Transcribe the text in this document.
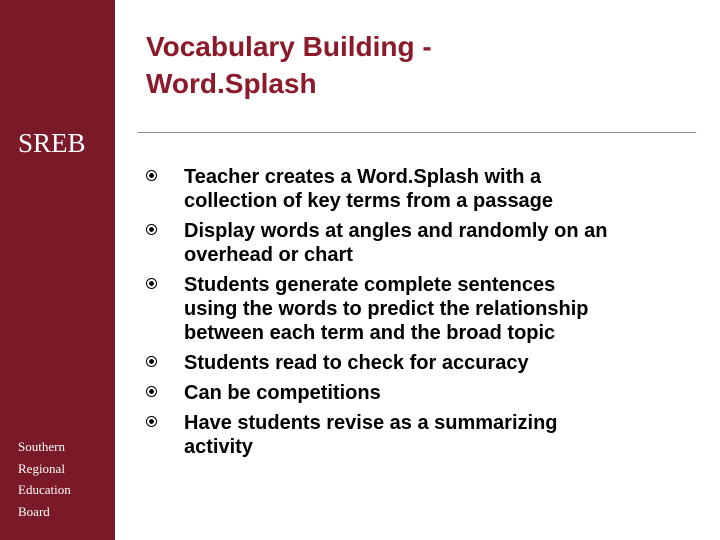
SREB
Southern
Regional
Education
Board
Vocabulary Building -
Word.Splash
Teacher creates a Word.Splash with a
collection of key terms from a passage
Display words at angles and randomly on an
overhead or chart
Students generate complete sentences
using the words to predict the relationship
between each term and the broad topic
Students read to check for accuracy
Can be competitions
Have students revise as a summarizing
activity
